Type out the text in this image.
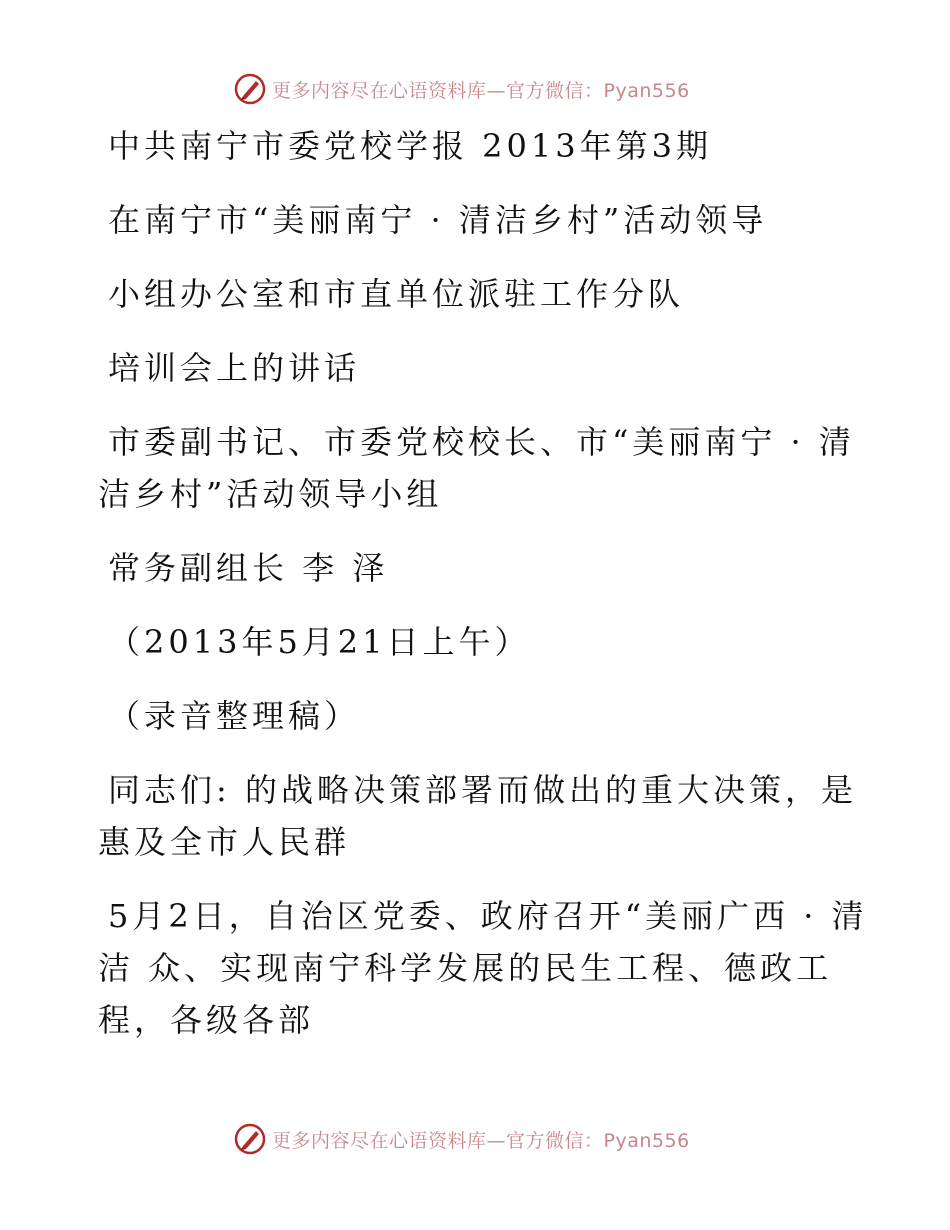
更多内容尽在心语资料库—官方微信：Pyan556

中共南宁市委党校学报 2013年第3期

在南宁市“美丽南宁 · 清洁乡村”活动领导

小组办公室和市直单位派驻工作分队

培训会上的讲话

市委副书记、市委党校校长、市“美丽南宁 · 清

洁乡村”活动领导小组

常务副组长 李 泽

（2013年5月21日上午）

（录音整理稿）

同志们: 的战略决策部署而做出的重大决策，是

惠及全市人民群

5月2日，自治区党委、政府召开“美丽广西 · 清

洁 众、实现南宁科学发展的民生工程、德政工

程，各级各部

更多内容尽在心语资料库—官方微信：Pyan556
